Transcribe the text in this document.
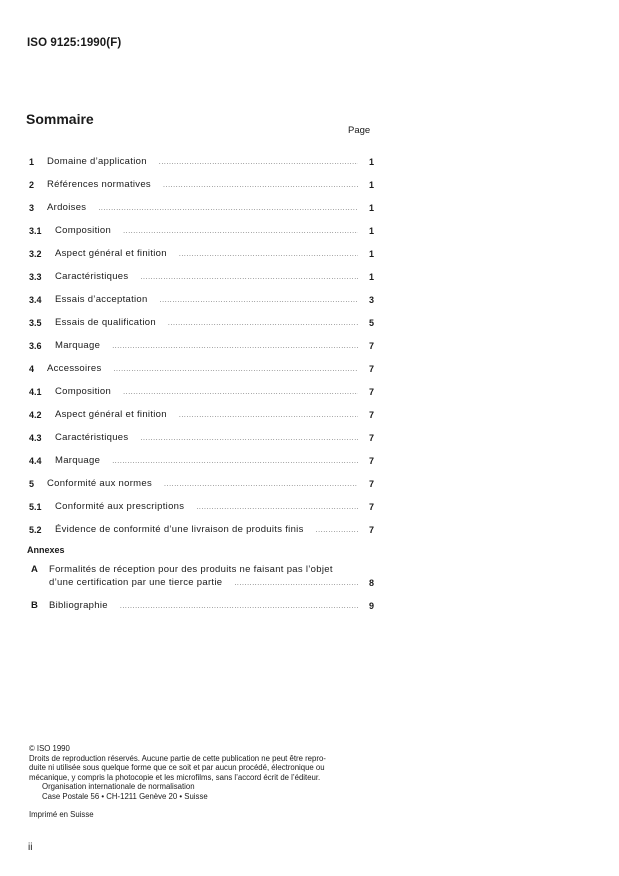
ISO 9125:1990(F)
Sommaire
Page
1	Domaine d’application .....	1
2	Références normatives .....	1
3	Ardoises .....	1
3.1	Composition .....	1
3.2	Aspect général et finition .....	1
3.3	Caractéristiques .....	1
3.4	Essais d’acceptation .....	3
3.5	Essais de qualification .....	5
3.6	Marquage .....	7
4	Accessoires .....	7
4.1	Composition .....	7
4.2	Aspect général et finition .....	7
4.3	Caractéristiques .....	7
4.4	Marquage .....	7
5	Conformité aux normes .....	7
5.1	Conformité aux prescriptions .....	7
5.2	Évidence de conformité d’une livraison de produits finis .....	7
Annexes
A Formalités de réception pour des produits ne faisant pas l’objet
d’une certification par une tierce partie .....	8
B Bibliographie .....	9
© ISO 1990
Droits de reproduction réservés. Aucune partie de cette publication ne peut être repro-
duite ni utilisée sous quelque forme que ce soit et par aucun procédé, électronique ou
mécanique, y compris la photocopie et les microfilms, sans l’accord écrit de l’éditeur.
Organisation internationale de normalisation
Case Postale 56 • CH-1211 Genève 20 • Suisse
Imprimé en Suisse
ii
